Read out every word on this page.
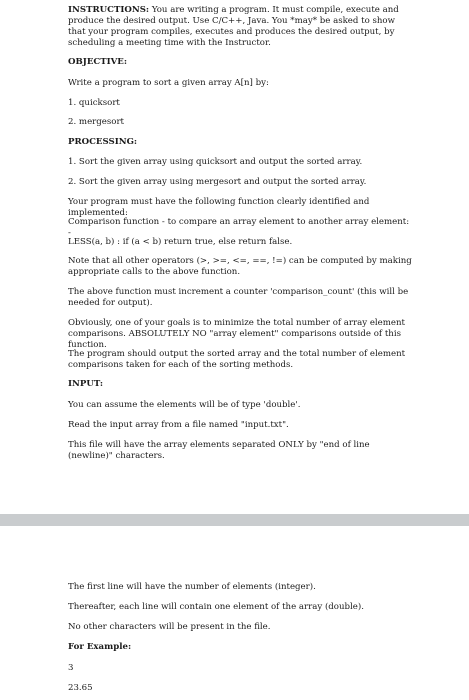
INSTRUCTIONS: You are writing a program. It must compile, execute and produce the desired output. Use C/C++, Java. You *may* be asked to show that your program compiles, executes and produces the desired output, by scheduling a meeting time with the Instructor.

OBJECTIVE:

Write a program to sort a given array A[n] by:

1. quicksort

2. mergesort

PROCESSING:

1. Sort the given array using quicksort and output the sorted array.

2. Sort the given array using mergesort and output the sorted array.

Your program must have the following function clearly identified and implemented:

Comparison function - to compare an array element to another array element: -

LESS(a, b) : if (a < b) return true, else return false.

Note that all other operators (>, >=, <=, ==, !=) can be computed by making appropriate calls to the above function.

The above function must increment a counter 'comparison_count' (this will be needed for output).

Obviously, one of your goals is to minimize the total number of array element comparisons. ABSOLUTELY NO "array element" comparisons outside of this function.

The program should output the sorted array and the total number of element comparisons taken for each of the sorting methods.

INPUT:

You can assume the elements will be of type 'double'.

Read the input array from a file named "input.txt".

This file will have the array elements separated ONLY by "end of line (newline)" characters.

The first line will have the number of elements (integer).

Thereafter, each line will contain one element of the array (double).

No other characters will be present in the file.

For Example:

3

23.65
